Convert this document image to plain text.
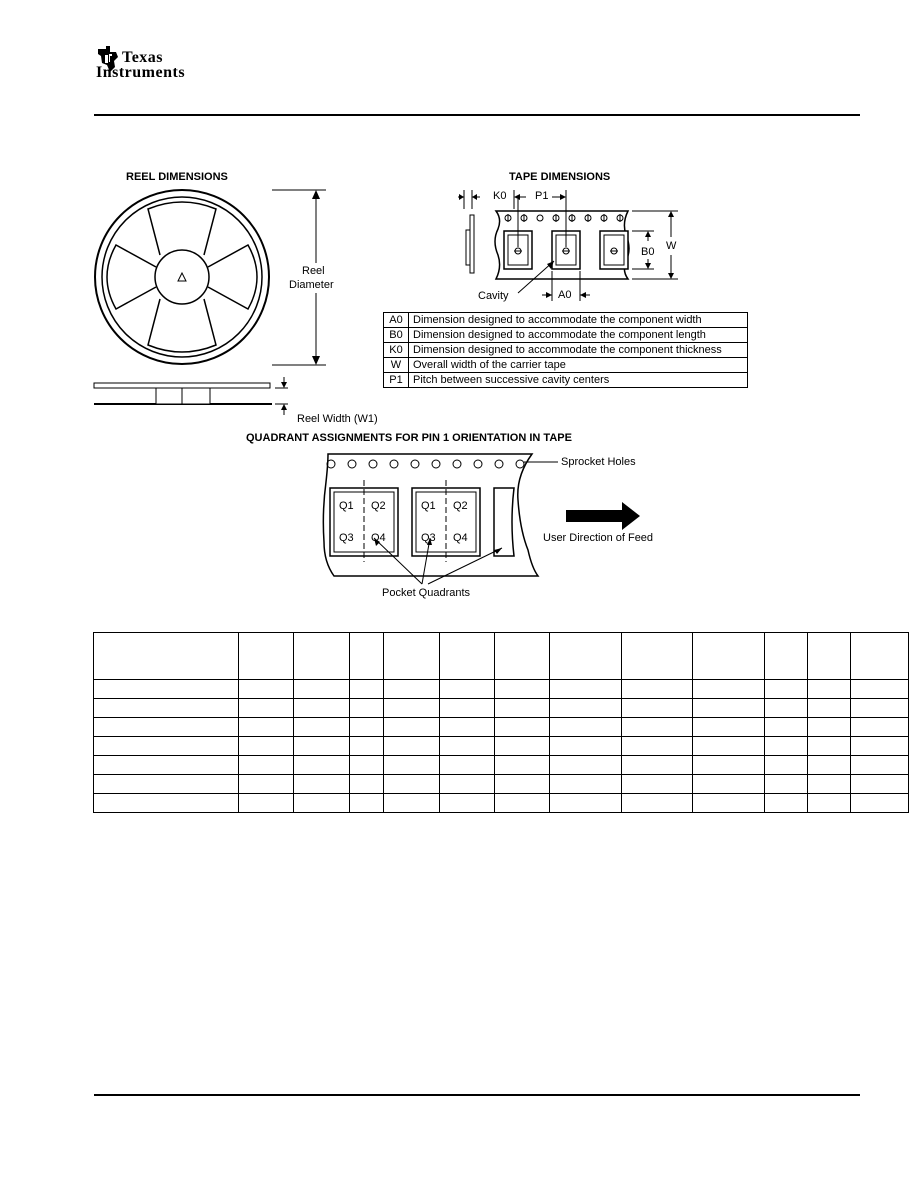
Texas
Instruments
REEL DIMENSIONS
Reel
Diameter
Reel Width (W1)
TAPE DIMENSIONS
K0	P1
B0 W
A0
Cavity
A0	Dimension designed to accommodate the component width
B0	Dimension designed to accommodate the component length
K0	Dimension designed to accommodate the component thickness
W	Overall width of the carrier tape
P1	Pitch between successive cavity centers
QUADRANT ASSIGNMENTS FOR PIN 1 ORIENTATION IN TAPE
Q1 Q2
Q3 Q4
Q1 Q2
Q3 Q4
Sprocket Holes
User Direction of Feed
Pocket Quadrants
